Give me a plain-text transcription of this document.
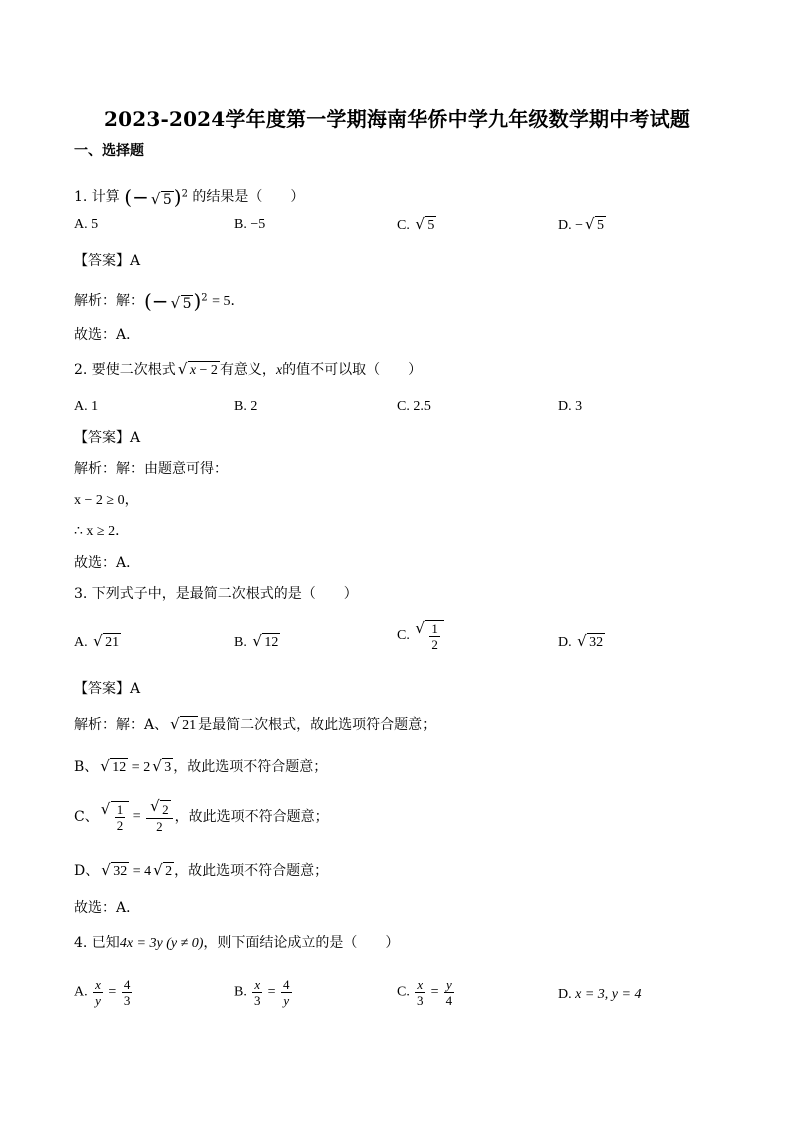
2023-2024学年度第一学期海南华侨中学九年级数学期中考试题
一、选择题
1. 计算 (− √ 5 )$^2$ 的结果是（　　）
A. 5	B. −5	C. √ 5	D. − √ 5
【答案】A
解析：解：(− √ 5 )$^2$ = 5．
故选：A．
2. 要使二次根式 √ x − 2 有意义，x的值不可以取（　　）
A. 1	B. 2	C. 2.5	D. 3
【答案】A
解析：解：由题意可得：
x − 2 ≥ 0，
∴ x ≥ 2．
故选：A．
3. 下列式子中，是最简二次根式的是（　　）
A. √ 21	B. √ 12	C. √ $\frac{1}{2}$	D. √ 32
【答案】A
解析：解：A、 √ 21 是最简二次根式，故此选项符合题意；
B、 √ 12 = 2 √ 3 ，故此选项不符合题意；
C、 √ $\frac{1}{2}$ = √ $\frac{2}{2}$ ，故此选项不符合题意；
D、 √ 32 = 4 √ 2 ，故此选项不符合题意；
故选：A．
4. 已知4x = 3y (y ≠ 0)，则下面结论成立的是（　　）
A. $\frac{x}{y} = \frac{4}{3}$	B. $\frac{x}{3} = \frac{4}{y}$	C. $\frac{x}{3} = \frac{y}{4}$	D. x = 3, y = 4
